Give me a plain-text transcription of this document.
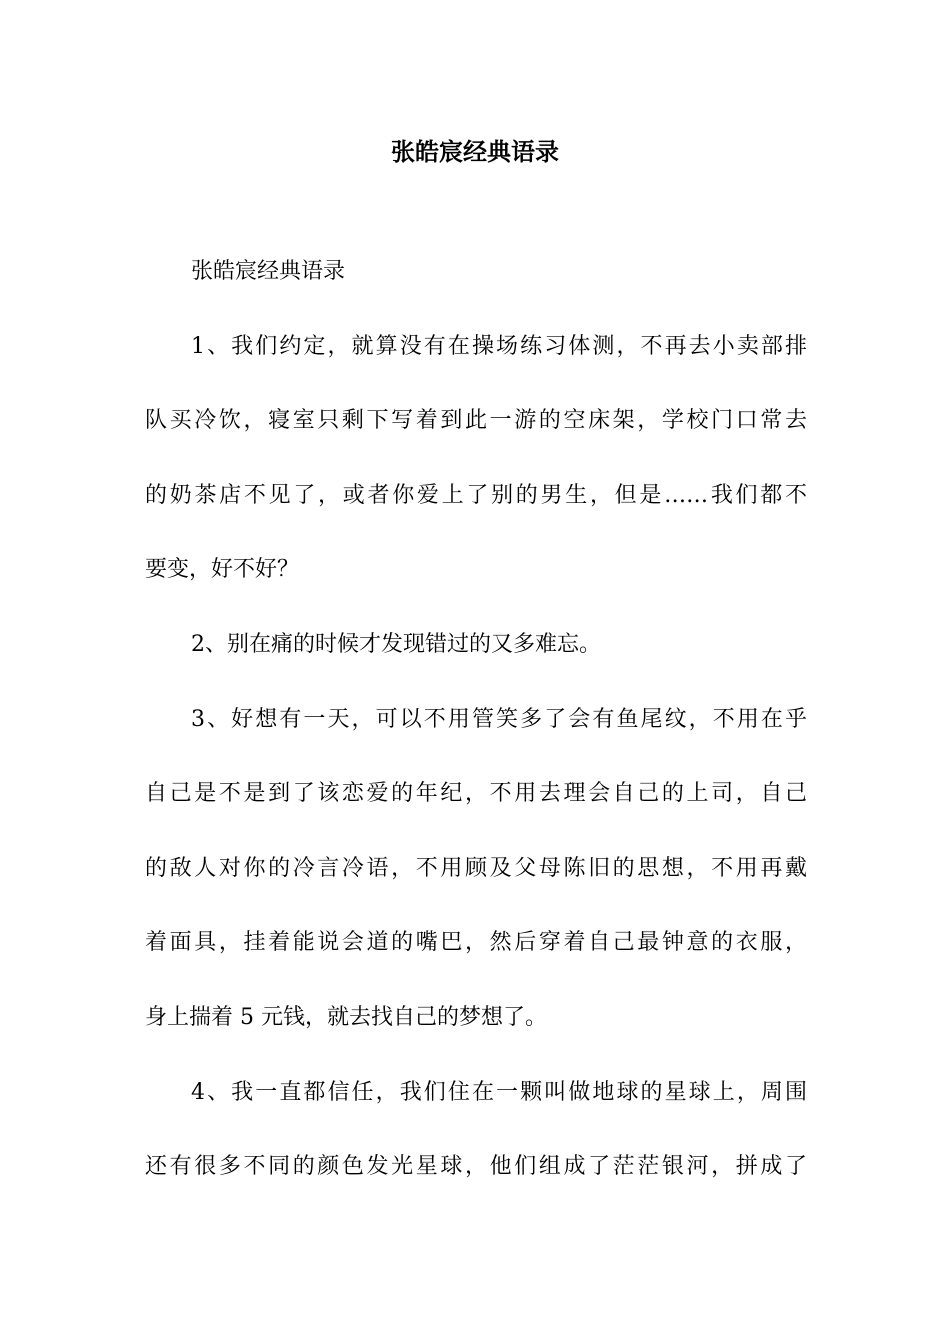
张皓宸经典语录
张皓宸经典语录
1、我们约定，就算没有在操场练习体测，不再去小卖部排
队买冷饮，寝室只剩下写着到此一游的空床架，学校门口常去
的奶茶店不见了，或者你爱上了别的男生，但是……我们都不
要变，好不好？
2、别在痛的时候才发现错过的又多难忘。
3、好想有一天，可以不用管笑多了会有鱼尾纹，不用在乎
自己是不是到了该恋爱的年纪，不用去理会自己的上司，自己
的敌人对你的冷言冷语，不用顾及父母陈旧的思想，不用再戴
着面具，挂着能说会道的嘴巴，然后穿着自己最钟意的衣服，
身上揣着 5 元钱，就去找自己的梦想了。
4、我一直都信任，我们住在一颗叫做地球的星球上，周围
还有很多不同的颜色发光星球，他们组成了茫茫银河，拼成了
